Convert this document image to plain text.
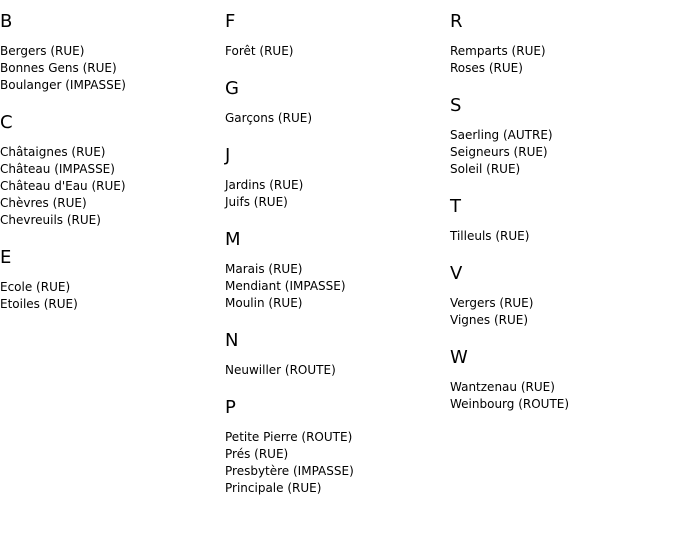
B
Bergers (RUE)
Bonnes Gens (RUE)
Boulanger (IMPASSE)
C
Châtaignes (RUE)
Château (IMPASSE)
Château d'Eau (RUE)
Chèvres (RUE)
Chevreuils (RUE)
E
Ecole (RUE)
Etoiles (RUE)
F
Forêt (RUE)
G
Garçons (RUE)
J
Jardins (RUE)
Juifs (RUE)
M
Marais (RUE)
Mendiant (IMPASSE)
Moulin (RUE)
N
Neuwiller (ROUTE)
P
Petite Pierre (ROUTE)
Prés (RUE)
Presbytère (IMPASSE)
Principale (RUE)
R
Remparts (RUE)
Roses (RUE)
S
Saerling (AUTRE)
Seigneurs (RUE)
Soleil (RUE)
T
Tilleuls (RUE)
V
Vergers (RUE)
Vignes (RUE)
W
Wantzenau (RUE)
Weinbourg (ROUTE)
